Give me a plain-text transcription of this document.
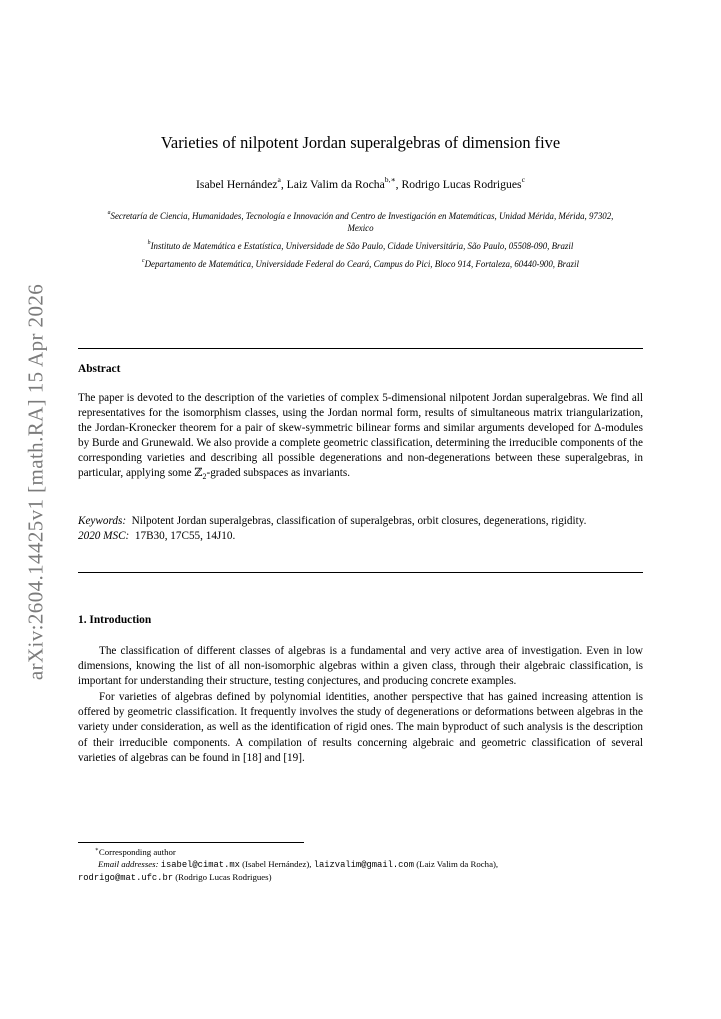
arXiv:2604.14425v1 [math.RA] 15 Apr 2026
Varieties of nilpotent Jordan superalgebras of dimension five
Isabel Hernández$^a$, Laiz Valim da Rocha$^{b,∗}$, Rodrigo Lucas Rodrigues$^c$
$^a$Secretaría de Ciencia, Humanidades, Tecnología e Innovación and Centro de Investigación en Matemáticas, Unidad Mérida, Mérida, 97302, Mexico
$^b$Instituto de Matemática e Estatística, Universidade de São Paulo, Cidade Universitária, São Paulo, 05508-090, Brazil
$^c$Departamento de Matemática, Universidade Federal do Ceará, Campus do Pici, Bloco 914, Fortaleza, 60440-900, Brazil
Abstract
The paper is devoted to the description of the varieties of complex 5-dimensional nilpotent Jordan superalgebras. We find all representatives for the isomorphism classes, using the Jordan normal form, results of simultaneous matrix triangularization, the Jordan-Kronecker theorem for a pair of skew-symmetric bilinear forms and similar arguments developed for Δ-modules by Burde and Grunewald. We also provide a complete geometric classification, determining the irreducible components of the corresponding varieties and describing all possible degenerations and non-degenerations between these superalgebras, in particular, applying some ℤ$_2$-graded subspaces as invariants.
Keywords: Nilpotent Jordan superalgebras, classification of superalgebras, orbit closures, degenerations, rigidity.
2020 MSC: 17B30, 17C55, 14J10.
1. Introduction

The classification of different classes of algebras is a fundamental and very active area of investigation. Even in low dimensions, knowing the list of all non-isomorphic algebras within a given class, through their algebraic classification, is important for understanding their structure, testing conjectures, and producing concrete examples.

For varieties of algebras defined by polynomial identities, another perspective that has gained increasing attention is offered by geometric classification. It frequently involves the study of degenerations or deformations between algebras in the variety under consideration, as well as the identification of rigid ones. The main byproduct of such analysis is the description of their irreducible components. A compilation of results concerning algebraic and geometric classification of several varieties of algebras can be found in [18] and [19].

∗Corresponding author
Email addresses: isabel@cimat.mx (Isabel Hernández), laizvalim@gmail.com (Laiz Valim da Rocha),
rodrigo@mat.ufc.br (Rodrigo Lucas Rodrigues)
